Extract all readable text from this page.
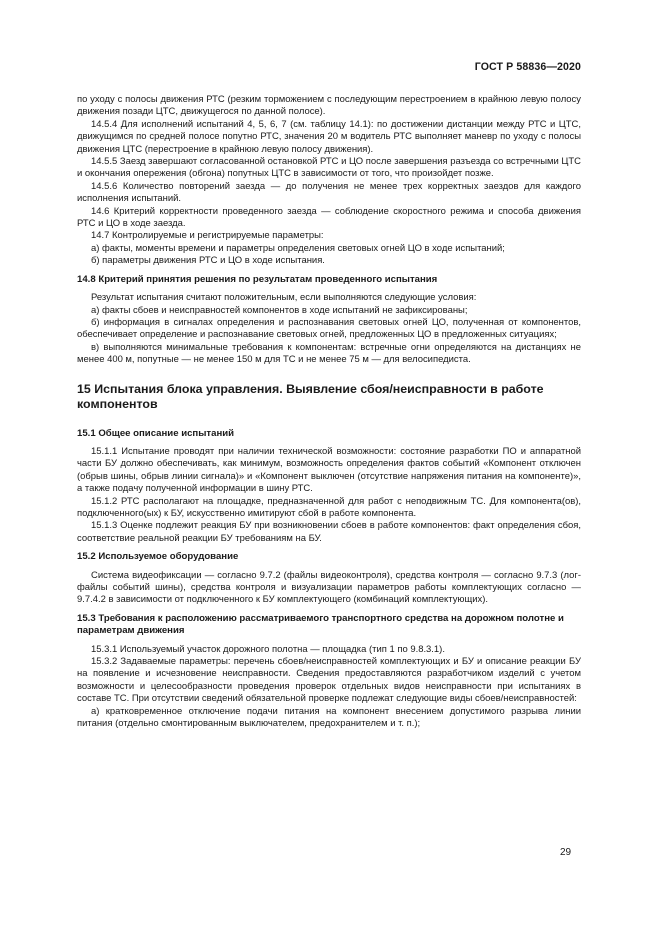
ГОСТ Р 58836—2020

по уходу с полосы движения РТС (резким торможением с последующим перестроением в крайнюю левую полосу движения позади ЦТС, движущегося по данной полосе).

14.5.4 Для исполнений испытаний 4, 5, 6, 7 (см. таблицу 14.1): по достижении дистанции между РТС и ЦТС, движущимся по средней полосе попутно РТС, значения 20 м водитель РТС выполняет маневр по уходу с полосы движения ЦТС (перестроение в крайнюю левую полосу движения).

14.5.5 Заезд завершают согласованной остановкой РТС и ЦО после завершения разъезда со встречными ЦТС и окончания опережения (обгона) попутных ЦТС в зависимости от того, что произойдет позже.

14.5.6 Количество повторений заезда — до получения не менее трех корректных заездов для каждого исполнения испытаний.

14.6 Критерий корректности проведенного заезда — соблюдение скоростного режима и способа движения РТС и ЦО в ходе заезда.

14.7 Контролируемые и регистрируемые параметры:

а) факты, моменты времени и параметры определения световых огней ЦО в ходе испытаний;

б) параметры движения РТС и ЦО в ходе испытания.

14.8 Критерий принятия решения по результатам проведенного испытания

Результат испытания считают положительным, если выполняются следующие условия:

а) факты сбоев и неисправностей компонентов в ходе испытаний не зафиксированы;

б) информация в сигналах определения и распознавания световых огней ЦО, полученная от компонентов, обеспечивает определение и распознавание световых огней, предложенных ЦО в предложенных ситуациях;

в) выполняются минимальные требования к компонентам: встречные огни определяются на дистанциях не менее 400 м, попутные — не менее 150 м для ТС и не менее 75 м — для велосипедиста.

15 Испытания блока управления. Выявление сбоя/неисправности в работе компонентов
15.1 Общее описание испытаний

15.1.1 Испытание проводят при наличии технической возможности: состояние разработки ПО и аппаратной части БУ должно обеспечивать, как минимум, возможность определения фактов событий «Компонент отключен (обрыв шины, обрыв линии сигнала)» и «Компонент выключен (отсутствие напряжения питания на компоненте)», а также подачу полученной информации в шину РТС.

15.1.2 РТС располагают на площадке, предназначенной для работ с неподвижным ТС. Для компонента(ов), подключенного(ых) к БУ, искусственно имитируют сбой в работе компонента.

15.1.3 Оценке подлежит реакция БУ при возникновении сбоев в работе компонентов: факт определения сбоя, соответствие реальной реакции БУ требованиям на БУ.

15.2 Используемое оборудование

Система видеофиксации — согласно 9.7.2 (файлы видеоконтроля), средства контроля — согласно 9.7.3 (лог-файлы событий шины), средства контроля и визуализации параметров работы комплектующих согласно — 9.7.4.2 в зависимости от подключенного к БУ комплектующего (комбинаций комплектующих).

15.3 Требования к расположению рассматриваемого транспортного средства на дорожном полотне и параметрам движения

15.3.1 Используемый участок дорожного полотна — площадка (тип 1 по 9.8.3.1).

15.3.2 Задаваемые параметры: перечень сбоев/неисправностей комплектующих и БУ и описание реакции БУ на появление и исчезновение неисправности. Сведения предоставляются разработчиком изделий с учетом возможности и целесообразности проведения проверок отдельных видов неисправности при испытаниях в составе ТС. При отсутствии сведений обязательной проверке подлежат следующие виды сбоев/неисправностей:

а) кратковременное отключение подачи питания на компонент внесением допустимого разрыва линии питания (отдельно смонтированным выключателем, предохранителем и т. п.);

29
